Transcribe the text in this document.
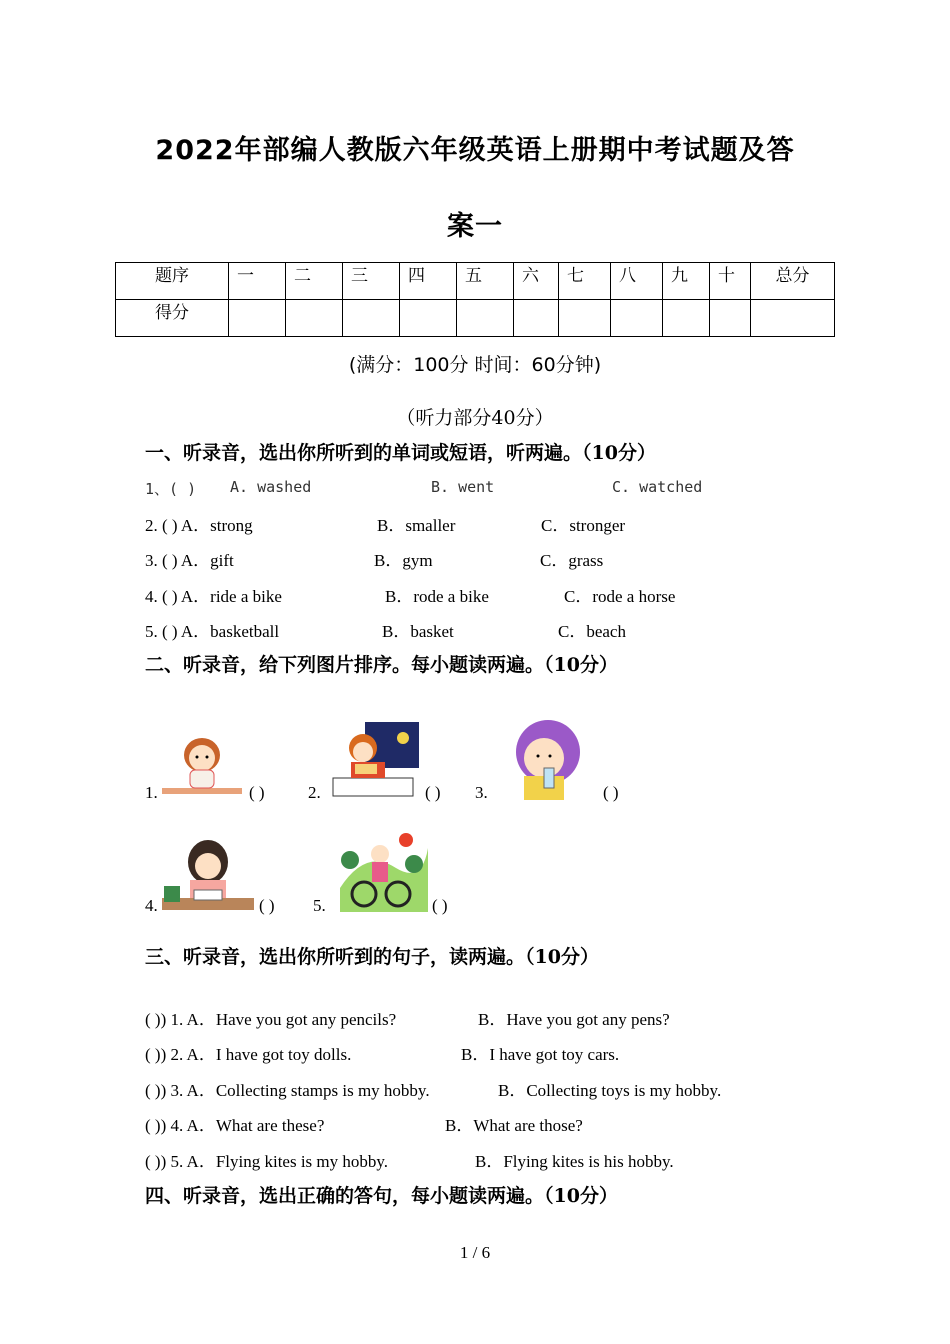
2022年部编人教版六年级英语上册期中考试题及答
案一
题序	一	二	三	四	五	六	七	八	九	十	总分
得分											
(满分：100分 时间：60分钟)
（听力部分40分）
一、听录音，选出你所听到的单词或短语，听两遍。（10分）
1、( ) A. washed	B. went	C. watched
2. ( ) A．strong	B．smaller	C．stronger
3. ( ) A．gift	B．gym	C．grass
4. ( ) A．ride a bike	B．rode a bike	C．rode a horse
5. ( ) A．basketball	B．basket	C．beach
二、听录音，给下列图片排序。每小题读两遍。（10分）
1.	( )	2.	( ) 3.	( )
4.	( ) 5.	( )
三、听录音，选出你所听到的句子，读两遍。（10分）
( )) 1. A．Have you got any pencils?	B．Have you got any pens?
( )) 2. A．I have got toy dolls.	B．I have got toy cars.
( )) 3. A．Collecting stamps is my hobby.	B．Collecting toys is my hobby.
( )) 4. A．What are these?	B．What are those?
( )) 5. A．Flying kites is my hobby.	B．Flying kites is his hobby.
四、听录音，选出正确的答句，每小题读两遍。（10分）
1 / 6
